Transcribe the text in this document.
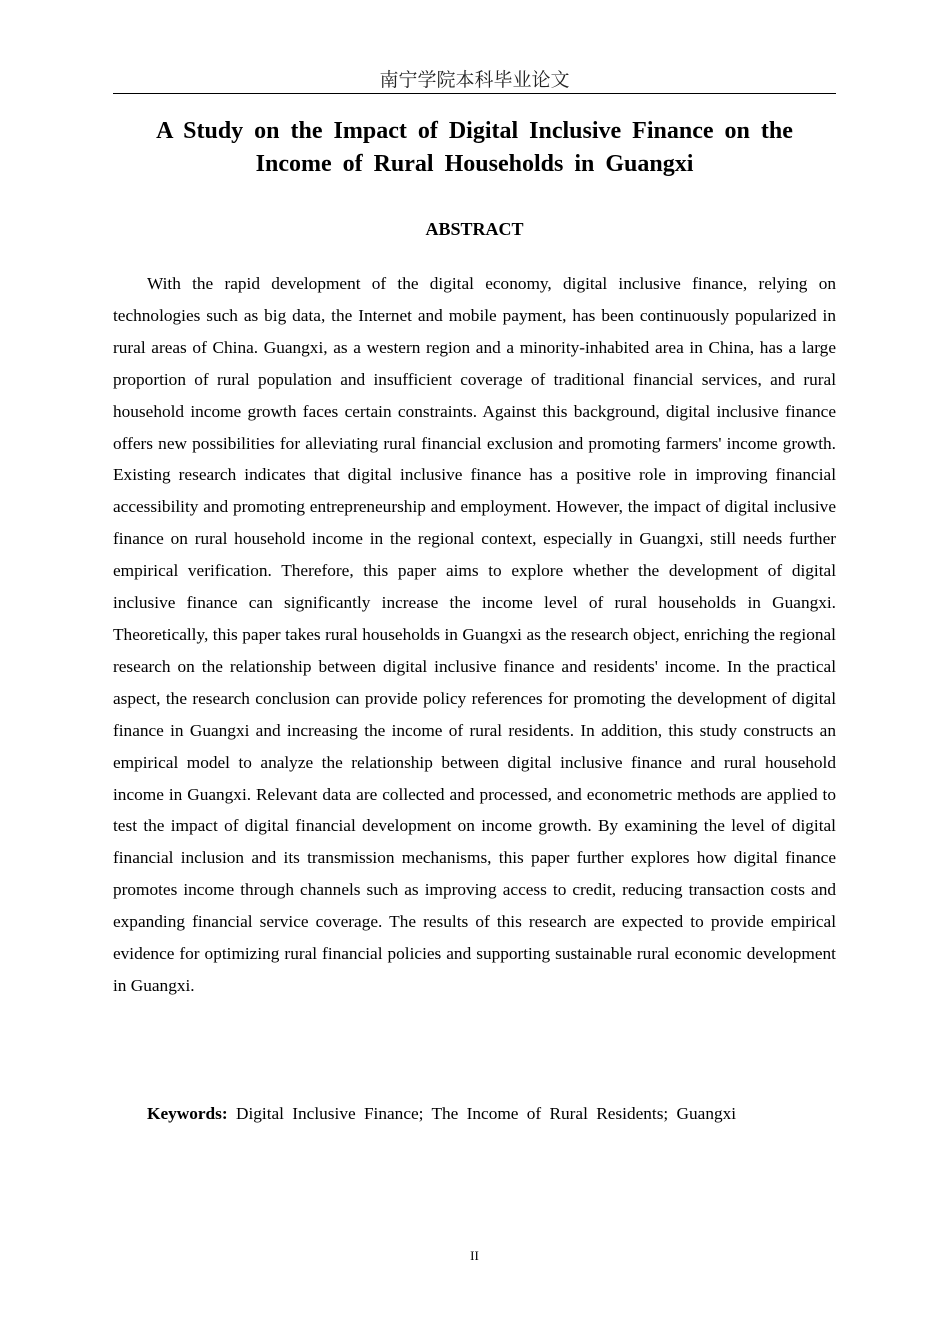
南宁学院本科毕业论文
A Study on the Impact of Digital Inclusive Finance on the Income of Rural Households in Guangxi
ABSTRACT

With the rapid development of the digital economy, digital inclusive finance, relying on technologies such as big data, the Internet and mobile payment, has been continuously popularized in rural areas of China. Guangxi, as a western region and a minority-inhabited area in China, has a large proportion of rural population and insufficient coverage of traditional financial services, and rural household income growth faces certain constraints. Against this background, digital inclusive finance offers new possibilities for alleviating rural financial exclusion and promoting farmers' income growth. Existing research indicates that digital inclusive finance has a positive role in improving financial accessibility and promoting entrepreneurship and employment. However, the impact of digital inclusive finance on rural household income in the regional context, especially in Guangxi, still needs further empirical verification. Therefore, this paper aims to explore whether the development of digital inclusive finance can significantly increase the income level of rural households in Guangxi. Theoretically, this paper takes rural households in Guangxi as the research object, enriching the regional research on the relationship between digital inclusive finance and residents' income. In the practical aspect, the research conclusion can provide policy references for promoting the development of digital finance in Guangxi and increasing the income of rural residents. In addition, this study constructs an empirical model to analyze the relationship between digital inclusive finance and rural household income in Guangxi. Relevant data are collected and processed, and econometric methods are applied to test the impact of digital financial development on income growth. By examining the level of digital financial inclusion and its transmission mechanisms, this paper further explores how digital finance promotes income through channels such as improving access to credit, reducing transaction costs and expanding financial service coverage. The results of this research are expected to provide empirical evidence for optimizing rural financial policies and supporting sustainable rural economic development in Guangxi.

Keywords: Digital Inclusive Finance; The Income of Rural Residents; Guangxi

II
